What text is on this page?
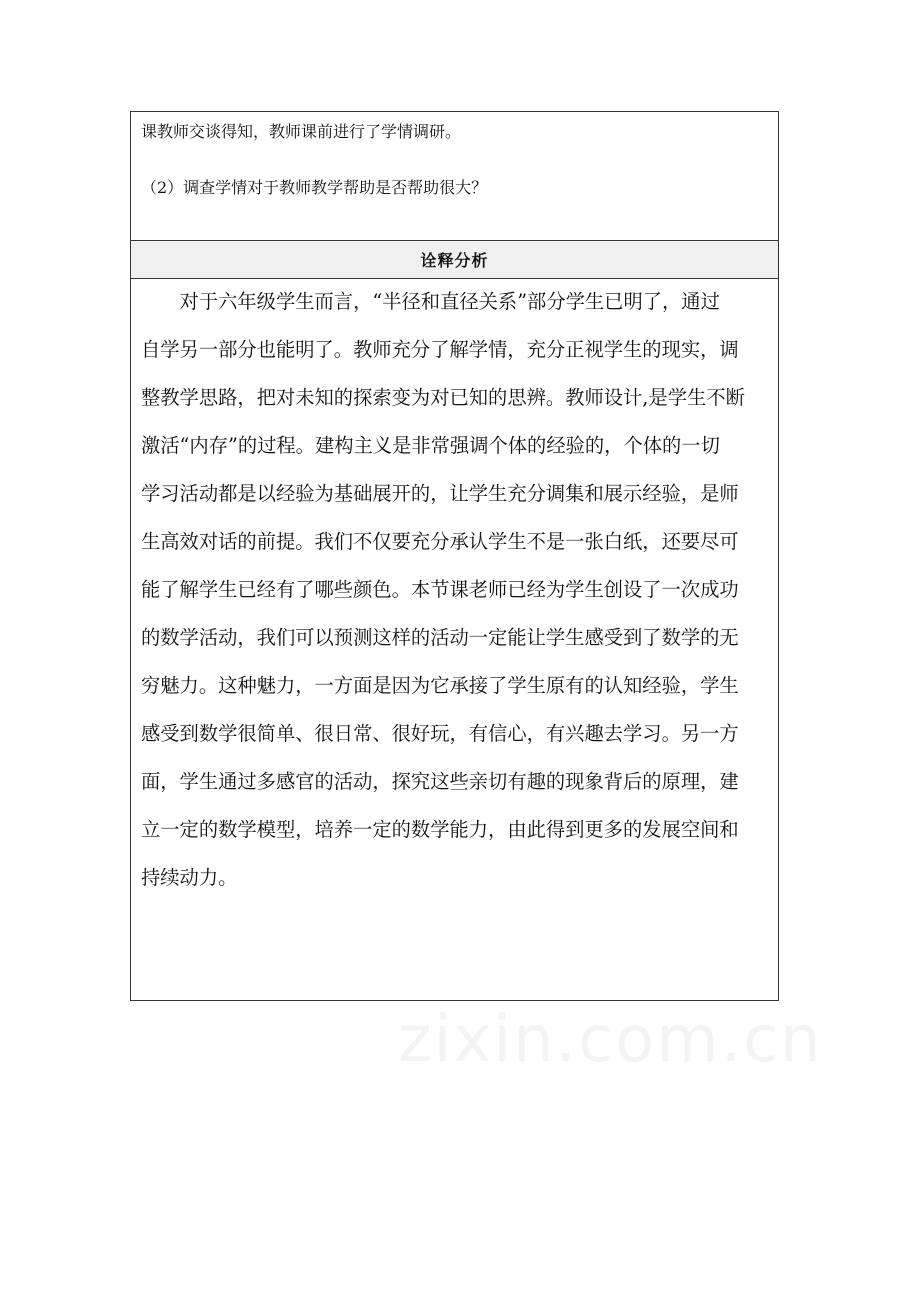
课教师交谈得知，教师课前进行了学情调研。
（2）调查学情对于教师教学帮助是否帮助很大？
诠释分析
　　对于六年级学生而言，“半径和直径关系”部分学生已明了，通过
自学另一部分也能明了。教师充分了解学情，充分正视学生的现实，调
整教学思路，把对未知的探索变为对已知的思辨。教师设计,是学生不断
激活“内存”的过程。建构主义是非常强调个体的经验的，个体的一切
学习活动都是以经验为基础展开的，让学生充分调集和展示经验，是师
生高效对话的前提。我们不仅要充分承认学生不是一张白纸，还要尽可
能了解学生已经有了哪些颜色。本节课老师已经为学生创设了一次成功
的数学活动，我们可以预测这样的活动一定能让学生感受到了数学的无
穷魅力。这种魅力，一方面是因为它承接了学生原有的认知经验，学生
感受到数学很简单、很日常、很好玩，有信心，有兴趣去学习。另一方
面，学生通过多感官的活动，探究这些亲切有趣的现象背后的原理，建
立一定的数学模型，培养一定的数学能力，由此得到更多的发展空间和
持续动力。
zixin.com.cn
